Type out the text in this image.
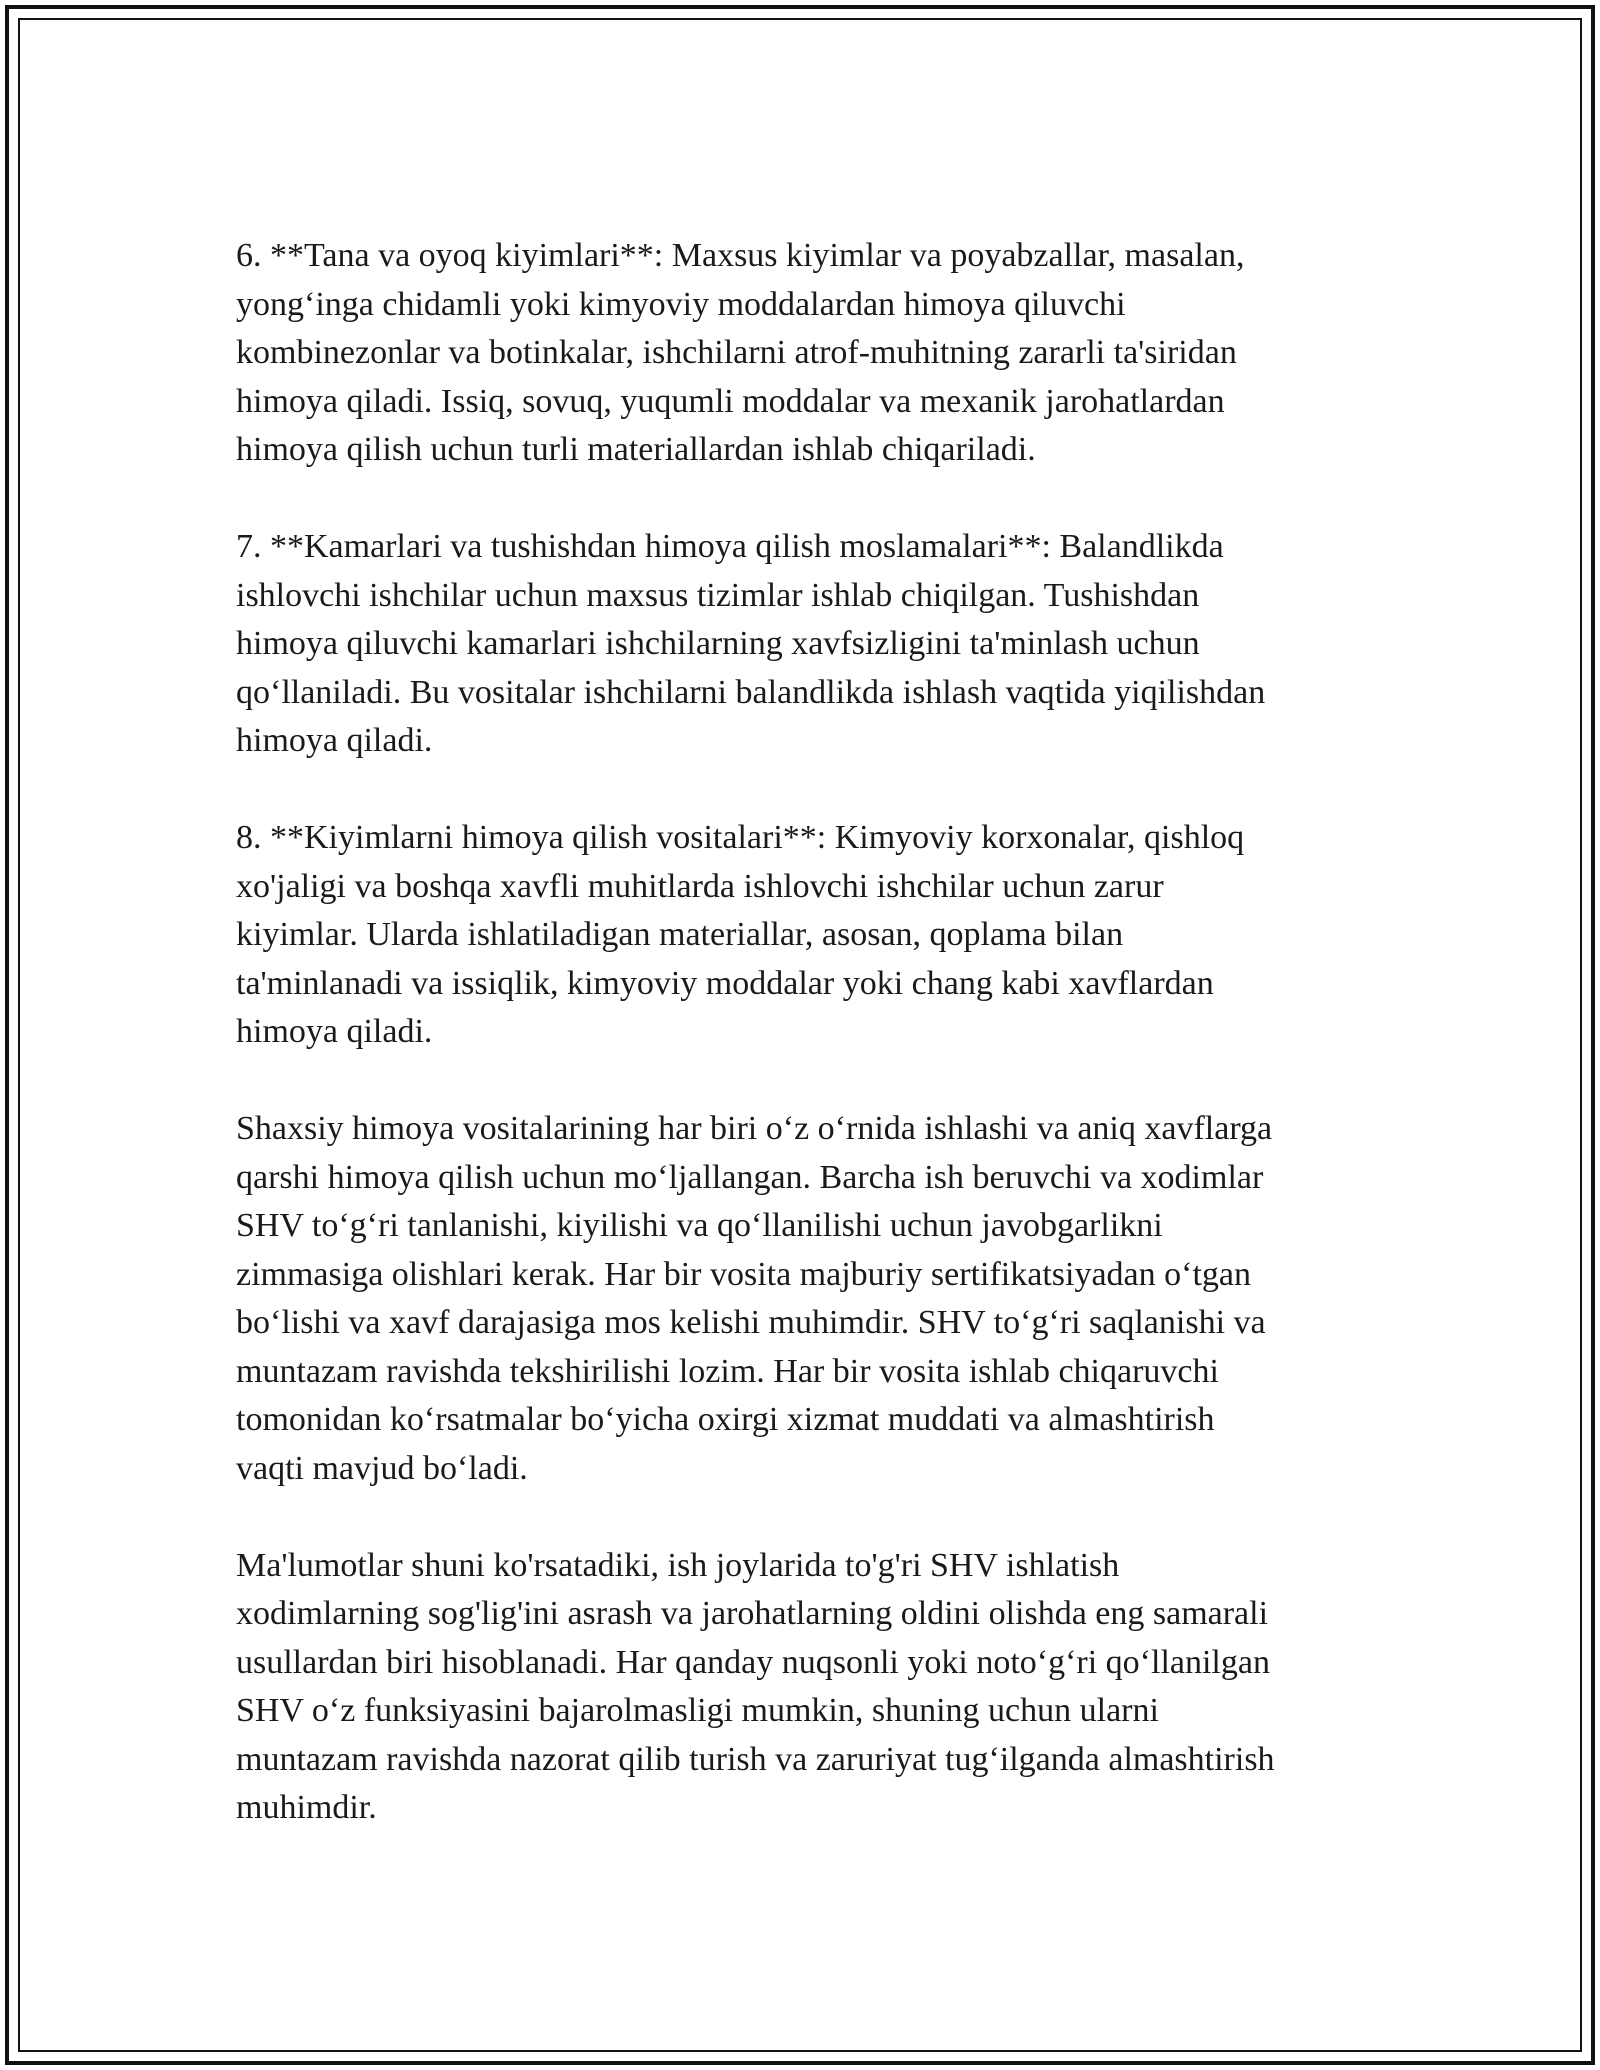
6. **Tana va oyoq kiyimlari**: Maxsus kiyimlar va poyabzallar, masalan,
yong‘inga chidamli yoki kimyoviy moddalardan himoya qiluvchi
kombinezonlar va botinkalar, ishchilarni atrof-muhitning zararli ta'siridan
himoya qiladi. Issiq, sovuq, yuqumli moddalar va mexanik jarohatlardan
himoya qilish uchun turli materiallardan ishlab chiqariladi.

7. **Kamarlari va tushishdan himoya qilish moslamalari**: Balandlikda
ishlovchi ishchilar uchun maxsus tizimlar ishlab chiqilgan. Tushishdan
himoya qiluvchi kamarlari ishchilarning xavfsizligini ta'minlash uchun
qo‘llaniladi. Bu vositalar ishchilarni balandlikda ishlash vaqtida yiqilishdan
himoya qiladi.

8. **Kiyimlarni himoya qilish vositalari**: Kimyoviy korxonalar, qishloq
xo'jaligi va boshqa xavfli muhitlarda ishlovchi ishchilar uchun zarur
kiyimlar. Ularda ishlatiladigan materiallar, asosan, qoplama bilan
ta'minlanadi va issiqlik, kimyoviy moddalar yoki chang kabi xavflardan
himoya qiladi.

Shaxsiy himoya vositalarining har biri o‘z o‘rnida ishlashi va aniq xavflarga
qarshi himoya qilish uchun mo‘ljallangan. Barcha ish beruvchi va xodimlar
SHV to‘g‘ri tanlanishi, kiyilishi va qo‘llanilishi uchun javobgarlikni
zimmasiga olishlari kerak. Har bir vosita majburiy sertifikatsiyadan o‘tgan
bo‘lishi va xavf darajasiga mos kelishi muhimdir. SHV to‘g‘ri saqlanishi va
muntazam ravishda tekshirilishi lozim. Har bir vosita ishlab chiqaruvchi
tomonidan ko‘rsatmalar bo‘yicha oxirgi xizmat muddati va almashtirish
vaqti mavjud bo‘ladi.

Ma'lumotlar shuni ko'rsatadiki, ish joylarida to'g'ri SHV ishlatish
xodimlarning sog'lig'ini asrash va jarohatlarning oldini olishda eng samarali
usullardan biri hisoblanadi. Har qanday nuqsonli yoki noto‘g‘ri qo‘llanilgan
SHV o‘z funksiyasini bajarolmasligi mumkin, shuning uchun ularni
muntazam ravishda nazorat qilib turish va zaruriyat tug‘ilganda almashtirish
muhimdir.
